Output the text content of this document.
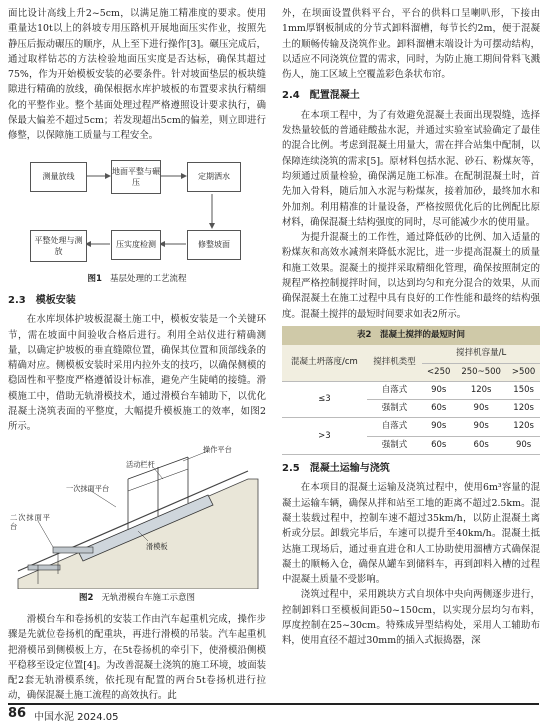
面比设计高线上升2~5cm，以满足施工精准度的要求。使用重量达10t以上的斜坡专用压路机开展地面压实作业，按照先静压后振动碾压的顺序，从上至下进行操作[3]。碾压完成后，通过取样钻芯的方法检验地面压实度是否达标，确保其超过75%，作为开始模板安装的必要条件。针对坡面垫层的板块缝隙进行精确的放线，确保根据水库护坡板的布置要求执行精细化的平整作业。整个基面处理过程严格遵照设计要求执行，确保最大偏差不超过5cm；若发现超出5cm的偏差，则立即进行修整，以保障施工质量与工程安全。

测量放线
地面平整与碾压
定期洒水
平整处理与测放
压实度检测	修整坡面
图1 基层处理的工艺流程
2.3　模板安装

在水库坝体护坡板混凝土施工中，模板安装是一个关键环节，需在坡面中间验收合格后进行。利用全站仪进行精确测量，以确定护坡板的垂直缝隙位置，确保其位置和顶部线条的精确对应。侧模板安装时采用内拉外支的技巧，以确保侧模的稳固性和平整度严格遵循设计标准，避免产生陡峭的接缝。滑模施工中，借助无轨滑模技术，通过滑模台车辅助下，以优化混凝土浇筑表面的平整度，大幅提升模板施工的效率，如图2所示。

操作平台
活动栏杆
一次抹面平台
二次抹面平台
滑模板
图2 无轨滑模台车施工示意图

滑模台车和卷扬机的安装工作由汽车起重机完成，操作步骤是先就位卷扬机的配重块，再进行滑模的吊装。汽车起重机把滑模吊到侧模板上方，在5t卷扬机的牵引下，使滑模沿侧模平稳移至设定位置[4]。为改善混凝土浇筑的施工环境，坡面装配2套无轨滑模系统，依托现有配置的两台5t卷扬机进行拉动，确保混凝土施工流程的高效执行。此

外，在坝面设置供料平台，平台的供料口呈喇叭形，下接由1mm厚钢板制成的分节式卸料溜槽，每节长约2m，便于混凝土的顺畅传输及浇筑作业。卸料溜槽末端设计为可摆动结构，以适应不同浇筑位置的需求，同时，为防止施工期间骨料飞溅伤人，施工区域上空覆盖彩色条状布帘。

2.4　配置混凝土

在本项工程中，为了有效避免混凝土表面出现裂缝，选择发热量较低的普通硅酸盐水泥，并通过实验室试验确定了最佳的混合比例。考虑到混凝土用量大，需在拌合站集中配制，以保障连续浇筑的需求[5]。原材料包括水泥、砂石、粉煤灰等，均须通过质量检验，确保满足施工标准。在配制混凝土时，首先加入骨料，随后加入水泥与粉煤灰，接着加砂，最终加水和外加剂。利用精准的计量设备，严格按照优化后的比例配比原材料，确保混凝土结构强度的同时，尽可能减少水的使用量。

为提升混凝土的工作性，通过降低砂的比例、加入适量的粉煤灰和高效水减剂来降低水泥比，进一步提高混凝土的质量和施工效果。混凝土的搅拌采取精细化管理，确保按照制定的规程严格控制搅拌时间，以达到均匀和充分混合的效果，从而确保混凝土在施工过程中具有良好的工作性能和最终的结构强度。混凝土搅拌的最短时间要求如表2所示。

表2　混凝土搅拌的最短时间
混凝土坍落度/cm	搅拌机类型	搅拌机容量/L		
		<250	250~500	>500
≤3	自落式	90s	120s	150s
	强制式	60s	90s	120s
>3	自落式	90s	90s	120s
	强制式	60s	60s	90s
2.5　混凝土运输与浇筑

在本项目的混凝土运输及浇筑过程中，使用6m³容量的混凝土运输车辆，确保从拌和站至工地的距离不超过2.5km。混凝土装载过程中，控制车速不超过35km/h，以防止混凝土离析或分层。卸载完毕后，车速可以提升至40km/h。混凝土抵达施工现场后，通过垂直进仓和人工协助使用溜槽方式确保混凝土的顺畅入仓，确保从罐车到储料车，再到卸料入槽的过程中混凝土质量不受影响。

浇筑过程中，采用跳块方式自坝体中央向两侧逐步进行，控制卸料口至模板间距50~150cm，以实现分层均匀布料，厚度控制在25~30cm。特殊成异型结构处，采用人工辅助布料，使用直径不超过30mm的插入式振捣器，深

86 中国水泥 2024.05
